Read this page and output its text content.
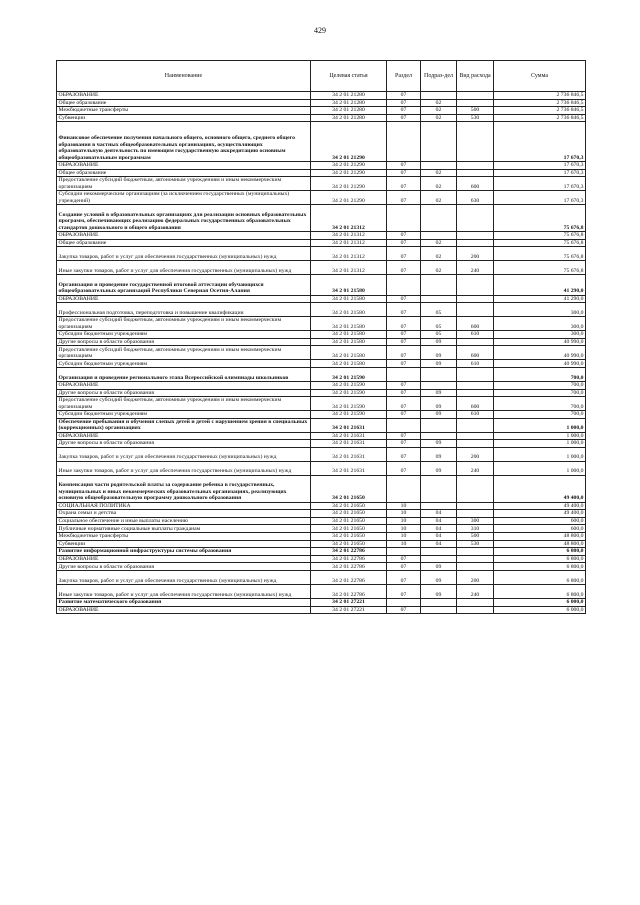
429
Наименование	Целевая статья	Раздел	Подраз-дел	Вид расхода	Сумма
ОБРАЗОВАНИЕ	34 2 01 21280	07			2 736 846,5
Общее образование	34 2 01 21280	07	02		2 736 846,5
Межбюджетные трансферты	34 2 01 21280	07	02	500	2 736 846,5
Субвенции	34 2 01 21280	07	02	530	2 736 846,5
Финансовое обеспечение получения начального общего, основного общего, среднего общего образования в частных общеобразовательных организациях, осуществляющих образовательную деятельность по имеющим государственную аккредитацию основным общеобразовательным программам	34 2 01 21290				17 670,3
ОБРАЗОВАНИЕ	34 2 01 21290	07			17 670,3
Общее образование	34 2 01 21290	07	02		17 670,3
Предоставление субсидий бюджетным, автономным учреждениям и иным некоммерческим организациям	34 2 01 21290	07	02	600	17 670,3
Субсидии некоммерческим организациям (за исключением государственных (муниципальных) учреждений)	34 2 01 21290	07	02	630	17 670,3
Создание условий в образовательных организациях для реализации основных образовательных программ, обеспечивающих реализацию федеральных государственных образовательных стандартов дошкольного и общего образования	34 2 01 21312				75 676,8
ОБРАЗОВАНИЕ	34 2 01 21312	07			75 676,8
Общее образование	34 2 01 21312	07	02		75 676,8
Закупка товаров, работ и услуг для обеспечения государственных (муниципальных) нужд	34 2 01 21312	07	02	200	75 676,8
Иные закупки товаров, работ и услуг для обеспечения государственных (муниципальных) нужд	34 2 01 21312	07	02	240	75 676,8
Организация и проведение государственной итоговой аттестации обучающихся общеобразовательных организаций Республики Северная Осетия-Алания	34 2 01 21580				41 290,0
ОБРАЗОВАНИЕ	34 2 01 21580	07			41 290,0
Профессиональная подготовка, переподготовка и повышение квалификации	34 2 01 21580	07	05		300,0
Предоставление субсидий бюджетным, автономным учреждениям и иным некоммерческим организациям	34 2 01 21580	07	05	600	300,0
Субсидии бюджетным учреждениям	34 2 01 21580	07	05	610	300,0
Другие вопросы в области образования	34 2 01 21580	07	09		40 990,0
Предоставление субсидий бюджетным, автономным учреждениям и иным некоммерческим организациям	34 2 01 21580	07	09	600	40 990,0
Субсидии бюджетным учреждениям	34 2 01 21580	07	09	610	40 990,0
Организация и проведение регионального этапа Всероссийской олимпиады школьников	34 2 01 21590				700,0
ОБРАЗОВАНИЕ	34 2 01 21590	07			700,0
Другие вопросы в области образования	34 2 01 21590	07	09		700,0
Предоставление субсидий бюджетным, автономным учреждениям и иным некоммерческим организациям	34 2 01 21590	07	09	600	700,0
Субсидии бюджетным учреждениям	34 2 01 21590	07	09	610	700,0
Обеспечение пребывания и обучения слепых детей и детей с нарушением зрения в специальных (коррекционных) организациях	34 2 01 21631				1 000,0
ОБРАЗОВАНИЕ	34 2 01 21631	07			1 000,0
Другие вопросы в области образования	34 2 01 21631	07	09		1 000,0
Закупка товаров, работ и услуг для обеспечения государственных (муниципальных) нужд	34 2 01 21631	07	09	200	1 000,0
Иные закупки товаров, работ и услуг для обеспечения государственных (муниципальных) нужд	34 2 01 21631	07	09	240	1 000,0
Компенсация части родительской платы за содержание ребенка в государственных, муниципальных и иных некоммерческих образовательных организациях, реализующих основную общеобразовательную программу дошкольного образования	34 2 01 21650				49 400,0
СОЦИАЛЬНАЯ ПОЛИТИКА	34 2 01 21650	10			49 400,0
Охрана семьи и детства	34 2 01 21650	10	04		49 400,0
Социальное обеспечение и иные выплаты населению	34 2 01 21650	10	04	300	600,0
Публичные нормативные социальные выплаты гражданам	34 2 01 21650	10	04	310	600,0
Межбюджетные трансферты	34 2 01 21650	10	04	500	48 800,0
Субвенции	34 2 01 21650	10	04	530	48 800,0
Развитие информационной инфраструктуры системы образования	34 2 01 22786				6 800,0
ОБРАЗОВАНИЕ	34 2 01 22786	07			6 800,0
Другие вопросы в области образования	34 2 01 22786	07	09		6 800,0
Закупка товаров, работ и услуг для обеспечения государственных (муниципальных) нужд	34 2 01 22786	07	09	200	6 800,0
Иные закупки товаров, работ и услуг для обеспечения государственных (муниципальных) нужд	34 2 01 22786	07	09	240	6 800,0
Развитие математического образования	34 2 01 27221				6 000,0
ОБРАЗОВАНИЕ	34 2 01 27221	07			6 000,0
